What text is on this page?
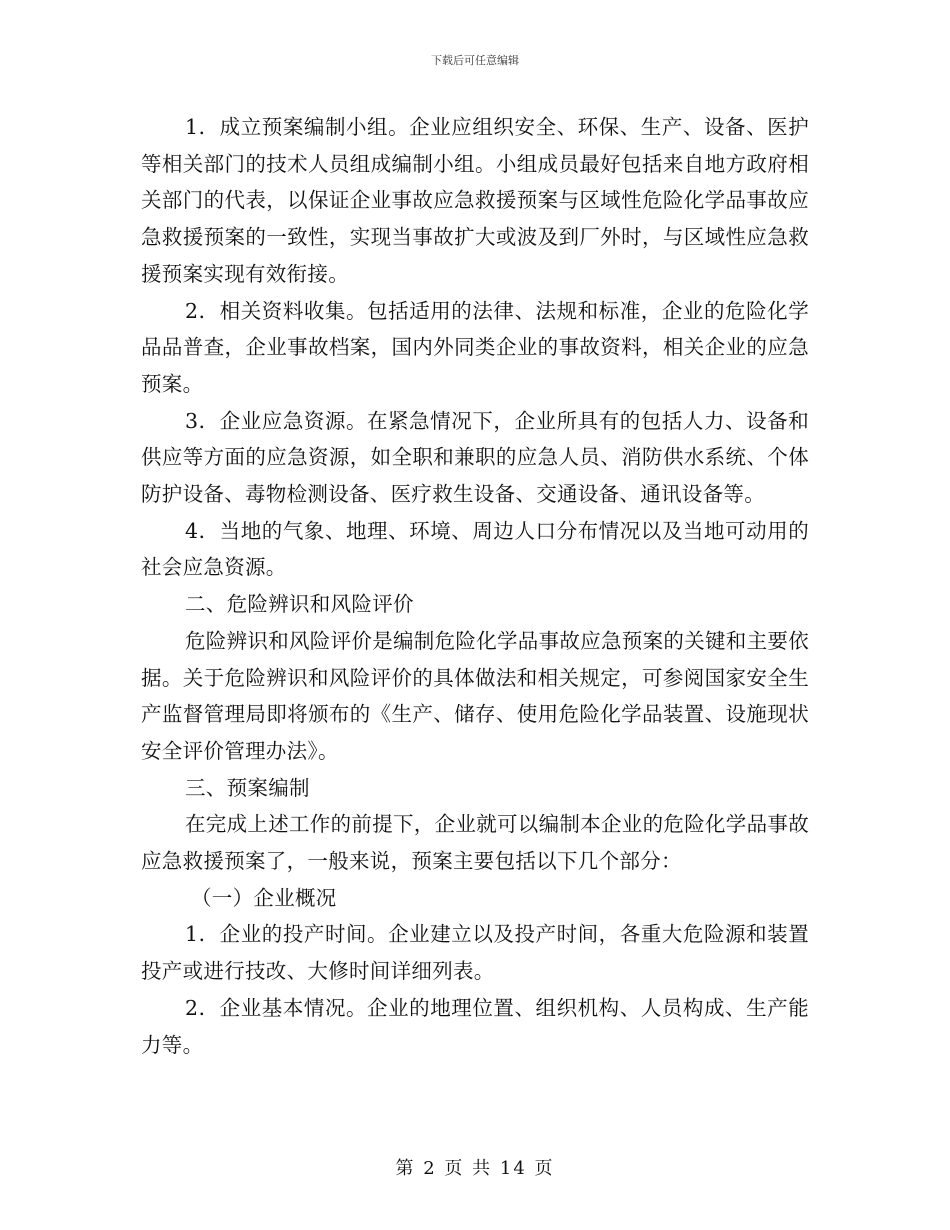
下载后可任意编辑

1．成立预案编制小组。企业应组织安全、环保、生产、设备、医护等相关部门的技术人员组成编制小组。小组成员最好包括来自地方政府相关部门的代表，以保证企业事故应急救援预案与区域性危险化学品事故应急救援预案的一致性，实现当事故扩大或波及到厂外时，与区域性应急救援预案实现有效衔接。

2．相关资料收集。包括适用的法律、法规和标准，企业的危险化学品品普查，企业事故档案，国内外同类企业的事故资料，相关企业的应急预案。

3．企业应急资源。在紧急情况下，企业所具有的包括人力、设备和供应等方面的应急资源，如全职和兼职的应急人员、消防供水系统、个体防护设备、毒物检测设备、医疗救生设备、交通设备、通讯设备等。

4．当地的气象、地理、环境、周边人口分布情况以及当地可动用的社会应急资源。

二、危险辨识和风险评价

危险辨识和风险评价是编制危险化学品事故应急预案的关键和主要依据。关于危险辨识和风险评价的具体做法和相关规定，可参阅国家安全生产监督管理局即将颁布的《生产、储存、使用危险化学品装置、设施现状安全评价管理办法》。

三、预案编制

在完成上述工作的前提下，企业就可以编制本企业的危险化学品事故应急救援预案了，一般来说，预案主要包括以下几个部分：

（一）企业概况

1．企业的投产时间。企业建立以及投产时间，各重大危险源和装置投产或进行技改、大修时间详细列表。

2．企业基本情况。企业的地理位置、组织机构、人员构成、生产能力等。

第 2 页 共 14 页
